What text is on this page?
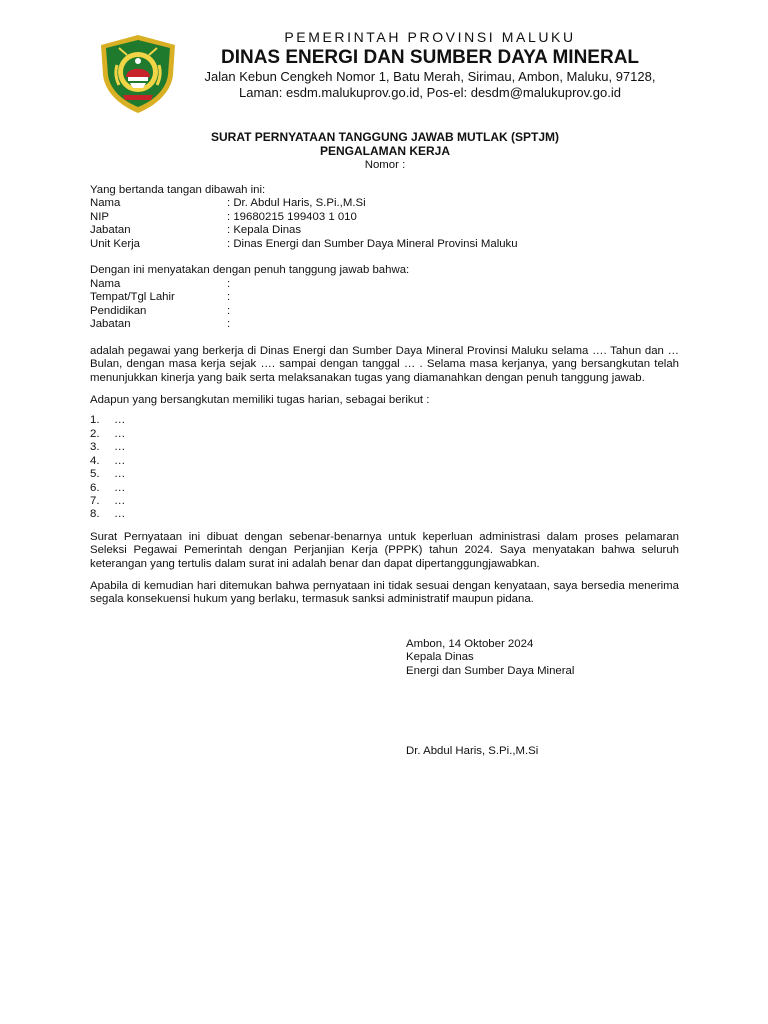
PEMERINTAH PROVINSI MALUKU
DINAS ENERGI DAN SUMBER DAYA MINERAL
Jalan Kebun Cengkeh Nomor 1, Batu Merah, Sirimau, Ambon, Maluku, 97128,
Laman: esdm.malukuprov.go.id, Pos-el: desdm@malukuprov.go.id
SURAT PERNYATAAN TANGGUNG JAWAB MUTLAK (SPTJM)
PENGALAMAN KERJA
Nomor :
Yang bertanda tangan dibawah ini:
Nama	: Dr. Abdul Haris, S.Pi.,M.Si
NIP	: 19680215 199403 1 010
Jabatan	: Kepala Dinas
Unit Kerja	: Dinas Energi dan Sumber Daya Mineral Provinsi Maluku
Dengan ini menyatakan dengan penuh tanggung jawab bahwa:
Nama	:
Tempat/Tgl Lahir	:
Pendidikan	:
Jabatan	:

adalah pegawai yang berkerja di Dinas Energi dan Sumber Daya Mineral Provinsi Maluku selama …. Tahun dan … Bulan, dengan masa kerja sejak …. sampai dengan tanggal … . Selama masa kerjanya, yang bersangkutan telah menunjukkan kinerja yang baik serta melaksanakan tugas yang diamanahkan dengan penuh tanggung jawab.

Adapun yang bersangkutan memiliki tugas harian, sebagai berikut :

1.	…
2.	…
3.	…
4.	…
5.	…
6.	…
7.	…
8.	…

Surat Pernyataan ini dibuat dengan sebenar-benarnya untuk keperluan administrasi dalam proses pelamaran Seleksi Pegawai Pemerintah dengan Perjanjian Kerja (PPPK) tahun 2024. Saya menyatakan bahwa seluruh keterangan yang tertulis dalam surat ini adalah benar dan dapat dipertanggungjawabkan.

Apabila di kemudian hari ditemukan bahwa pernyataan ini tidak sesuai dengan kenyataan, saya bersedia menerima segala konsekuensi hukum yang berlaku, termasuk sanksi administratif maupun pidana.

Ambon, 14 Oktober 2024
Kepala Dinas
Energi dan Sumber Daya Mineral
Dr. Abdul Haris, S.Pi.,M.Si
